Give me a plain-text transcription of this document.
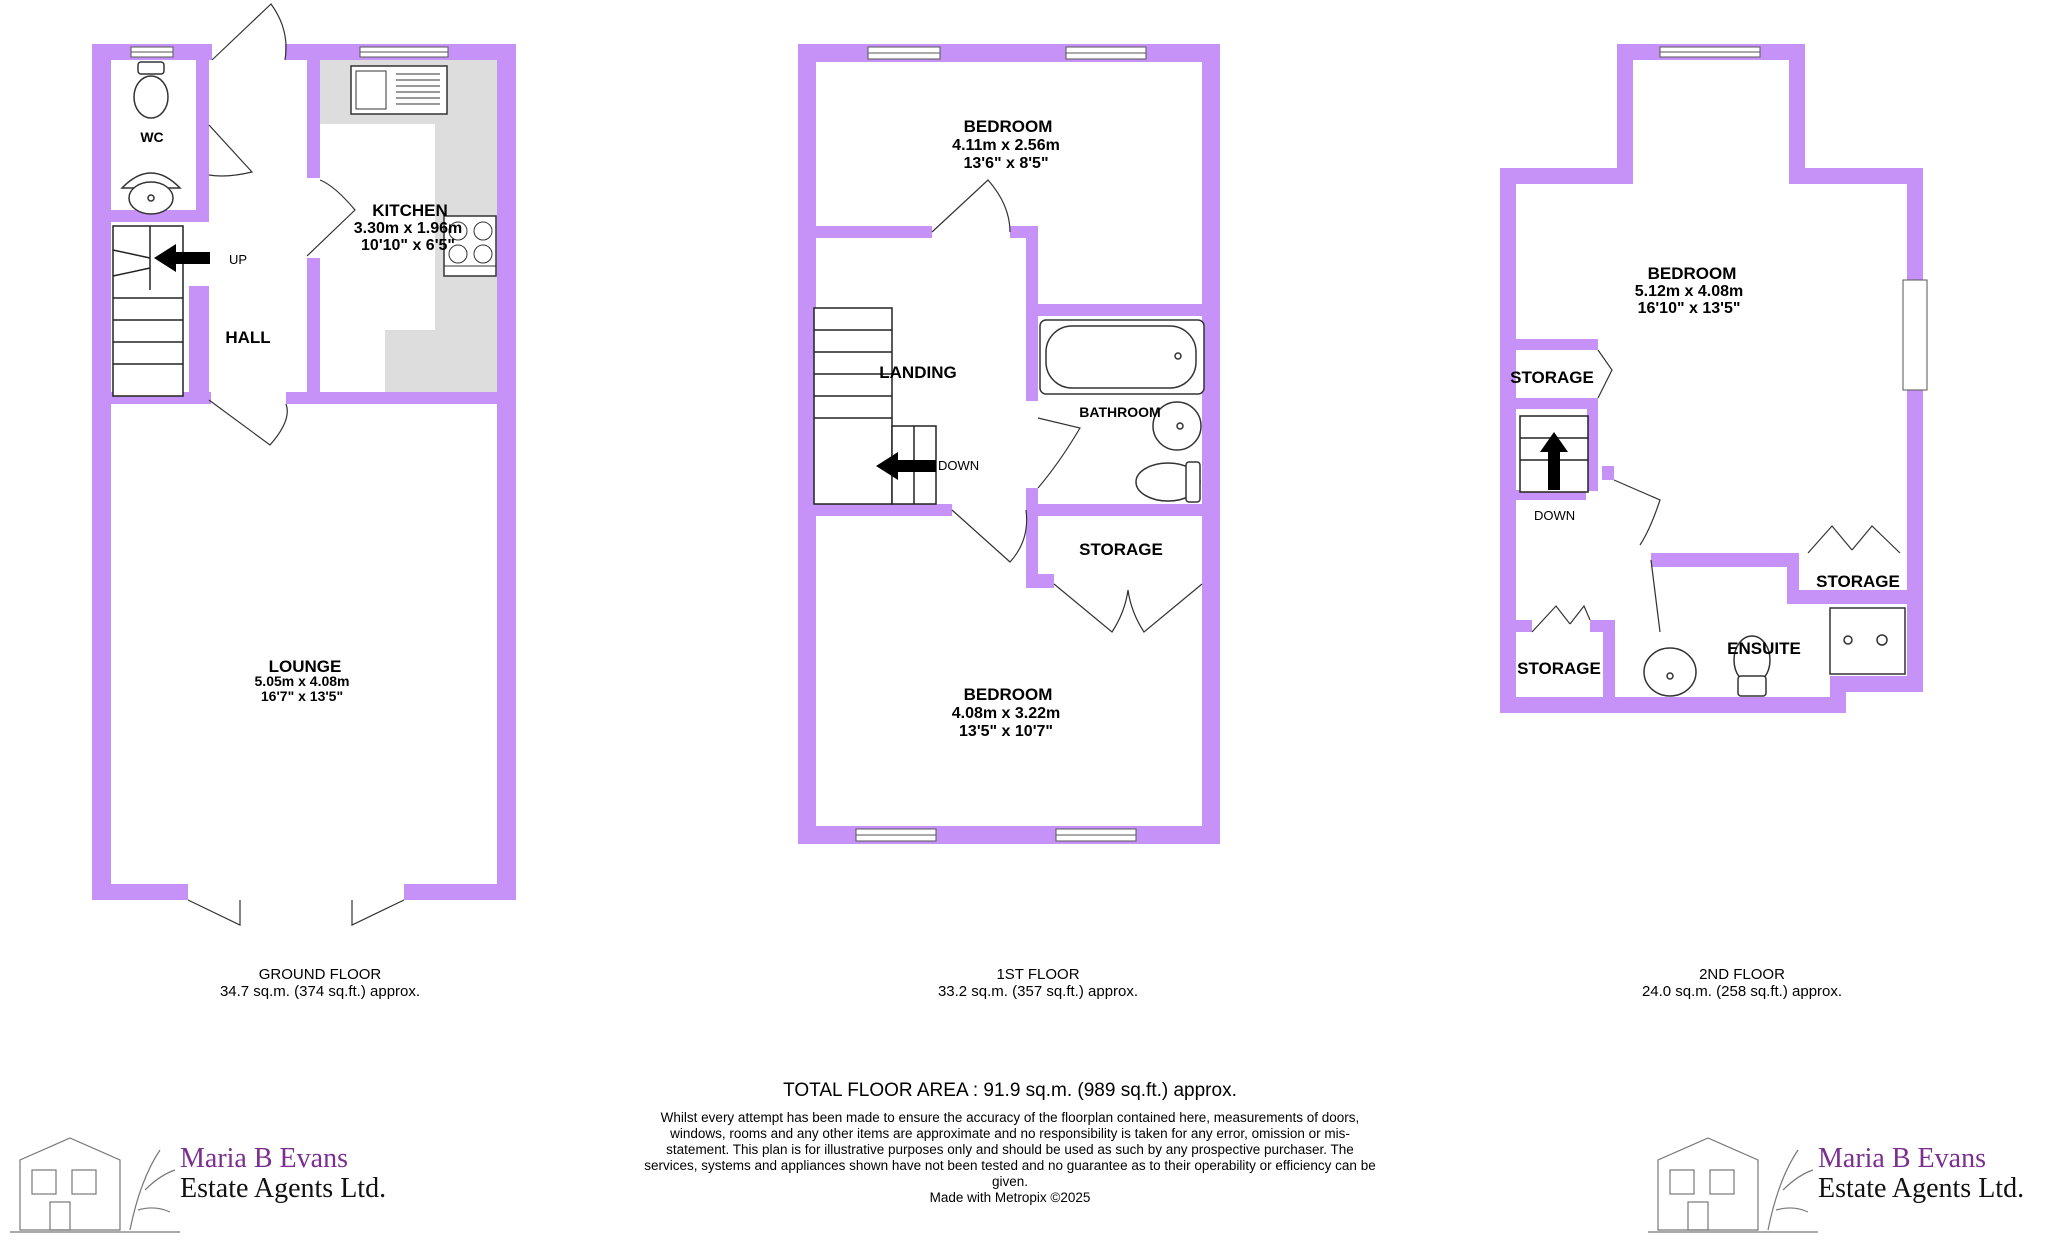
WC
KITCHEN
3.30m x 1.96m
10'10" x 6'5"
HALL
UP
LOUNGE
5.05m x 4.08m
16'7" x 13'5"
BEDROOM
4.11m x 2.56m
13'6" x 8'5"
LANDING
DOWN
BATHROOM
STORAGE
BEDROOM
4.08m x 3.22m
13'5" x 10'7"
BEDROOM
5.12m x 4.08m
16'10" x 13'5"
STORAGE
DOWN
STORAGE
STORAGE
ENSUITE
GROUND FLOOR
34.7 sq.m. (374 sq.ft.) approx.
1ST FLOOR
33.2 sq.m. (357 sq.ft.) approx.
2ND FLOOR
24.0 sq.m. (258 sq.ft.) approx.
TOTAL FLOOR AREA : 91.9 sq.m. (989 sq.ft.) approx.
Whilst every attempt has been made to ensure the accuracy of the floorplan contained here, measurements of doors, windows, rooms and any other items are approximate and no responsibility is taken for any error, omission or mis-statement. This plan is for illustrative purposes only and should be used as such by any prospective purchaser. The services, systems and appliances shown have not been tested and no guarantee as to their operability or efficiency can be given.
Made with Metropix ©2025
Maria B Evans
Estate Agents Ltd.
Maria B Evans
Estate Agents Ltd.
